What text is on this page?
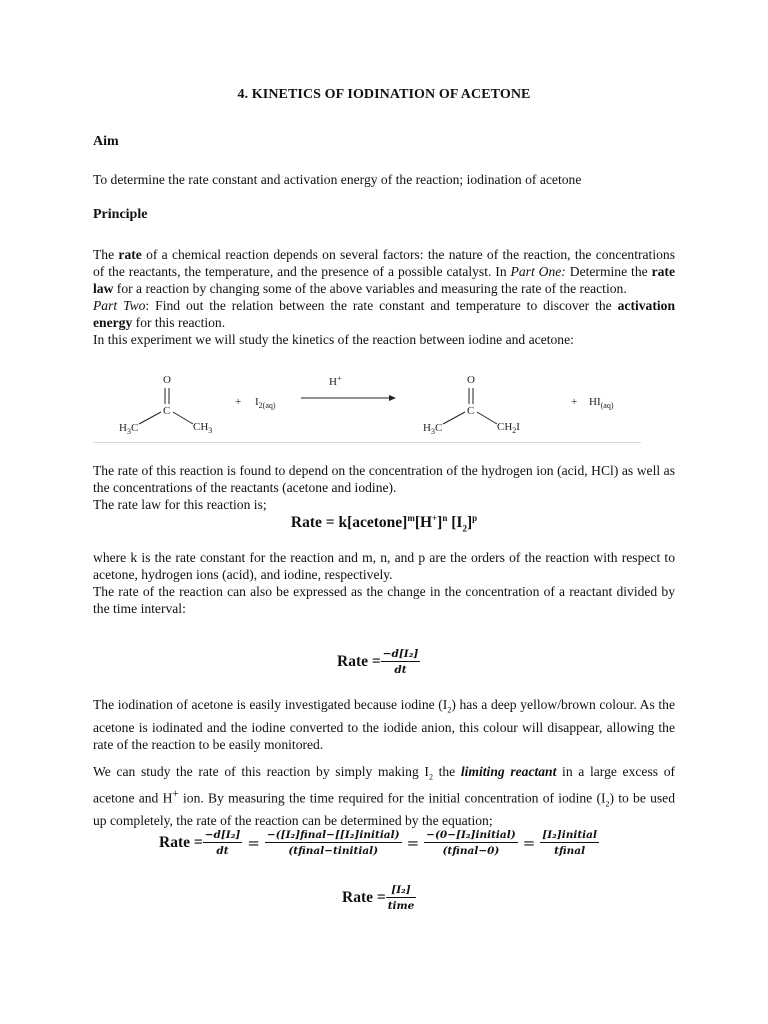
4. KINETICS OF IODINATION OF ACETONE
Aim
To determine the rate constant and activation energy of the reaction; iodination of acetone
Principle

The rate of a chemical reaction depends on several factors: the nature of the reaction, the concentrations of the reactants, the temperature, and the presence of a possible catalyst. In Part One: Determine the rate law for a reaction by changing some of the above variables and measuring the rate of the reaction.

Part Two: Find out the relation between the rate constant and temperature to discover the activation energy for this reaction.

In this experiment we will study the kinetics of the reaction between iodine and acetone:

O
C
$H_3C$	$CH_3$
+ $I_{2(aq)}$
H+	O
C
$H_3C$	$CH_2I$
+ $HI_{(aq)}$

The rate of this reaction is found to depend on the concentration of the hydrogen ion (acid, HCl) as well as the concentrations of the reactants (acetone and iodine).

The rate law for this reaction is;

Rate = $k[acetone]^m[H^+]^n$ $[I_2]^p$

where k is the rate constant for the reaction and m, n, and p are the orders of the reaction with respect to acetone, hydrogen ions (acid), and iodine, respectively.

The rate of the reaction can also be expressed as the change in the concentration of a reactant divided by the time interval:

Rate = $\frac{\text{−d[I₂]}}{dt}$

The iodination of acetone is easily investigated because iodine $(I_2)$ has a deep yellow/brown colour. As the acetone is iodinated and the iodine converted to the iodide anion, this colour will disappear, allowing the rate of the reaction to be easily monitored.

We can study the rate of this reaction by simply making $I_2$ the limiting reactant in a large excess of acetone and H+ ion. By measuring the time required for the initial concentration of iodine $(I_2)$ to be used up completely, the rate of the reaction can be determined by the equation;

Rate = $\frac{\text{−d[I₂]}}{dt} = \frac{\text{−([I₂]final−[[I₂]initial)}}{\text{(tfinal−tinitial)}} = \frac{\text{−(0−[I₂]initial)}}{\text{(tfinal−0)}} = \frac{\text{[I₂]initial}}{\text{tfinal}}$
Rate = $\frac{\text{[I₂]}}{\text{time}}$
